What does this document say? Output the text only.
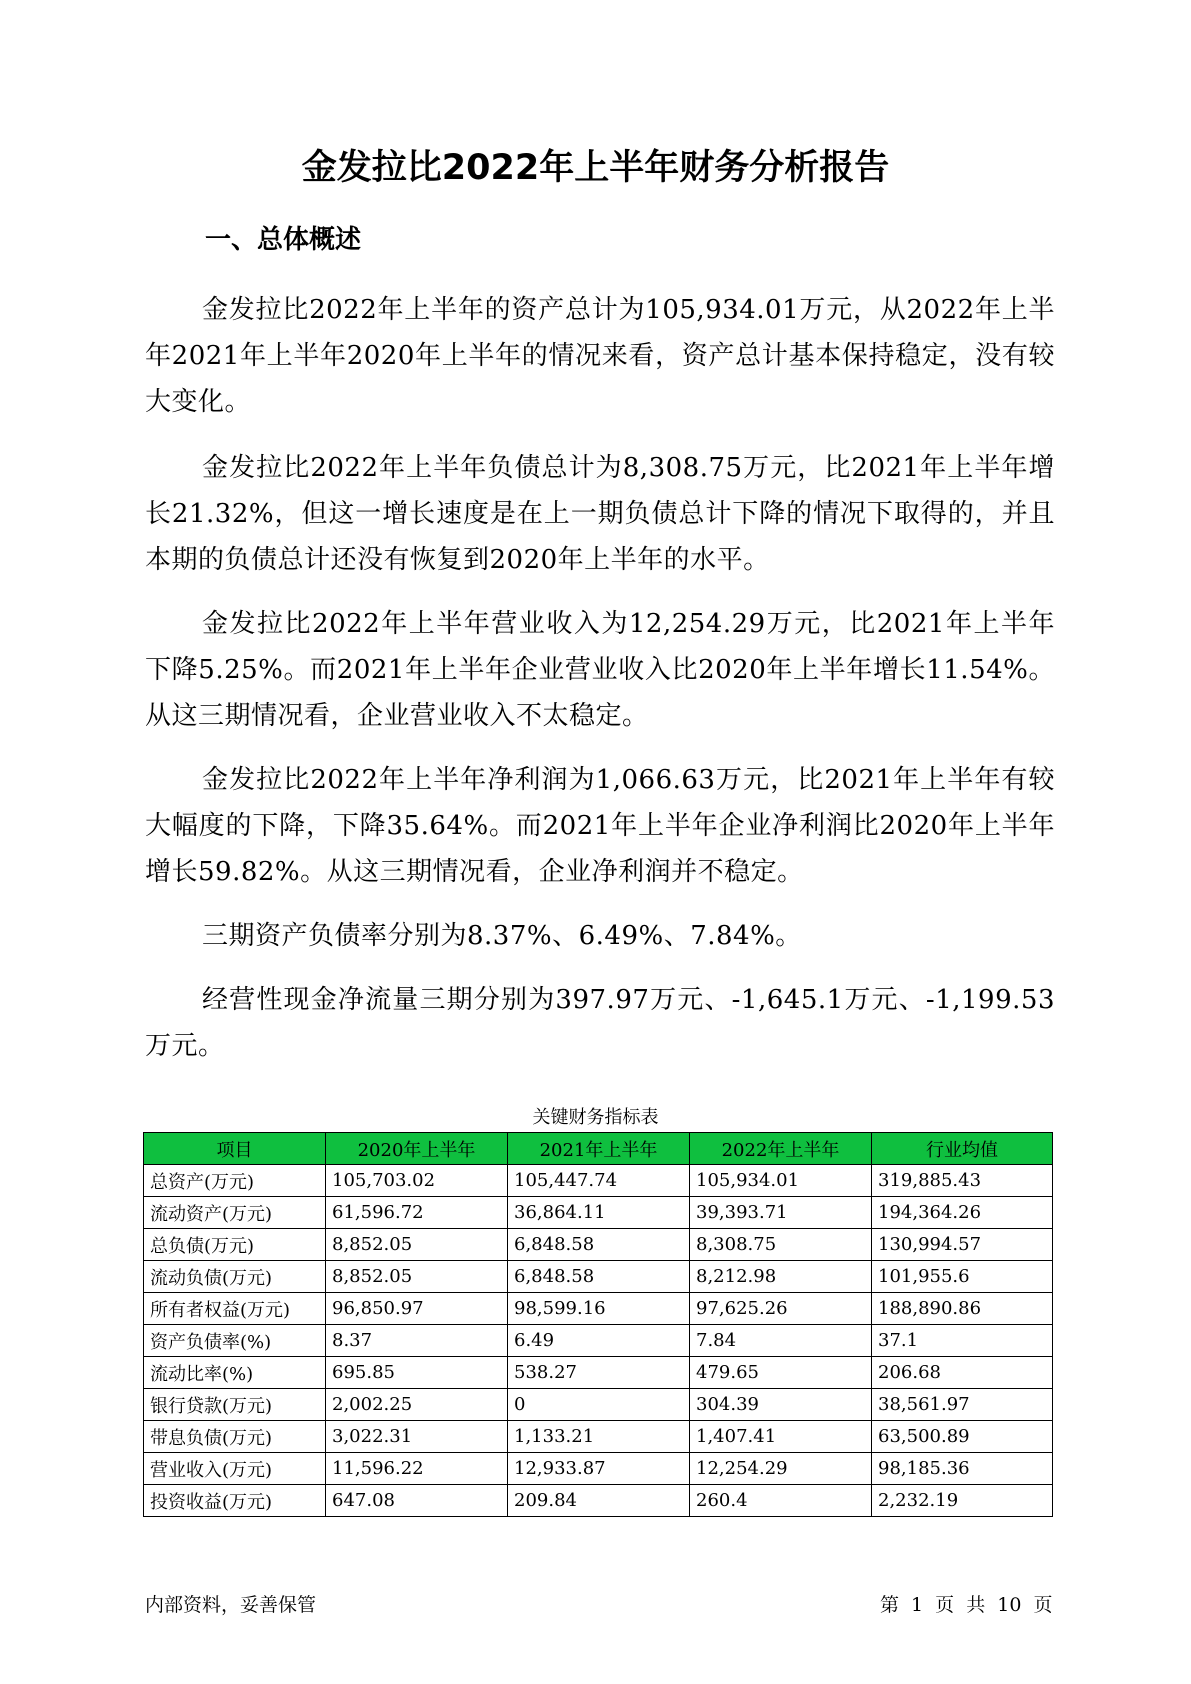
金发拉比2022年上半年财务分析报告
一、总体概述

金发拉比2022年上半年的资产总计为105,934.01万元，从2022年上半年2021年上半年2020年上半年的情况来看，资产总计基本保持稳定，没有较大变化。

金发拉比2022年上半年负债总计为8,308.75万元，比2021年上半年增长21.32%，但这一增长速度是在上一期负债总计下降的情况下取得的，并且本期的负债总计还没有恢复到2020年上半年的水平。

金发拉比2022年上半年营业收入为12,254.29万元，比2021年上半年下降5.25%。而2021年上半年企业营业收入比2020年上半年增长11.54%。从这三期情况看，企业营业收入不太稳定。

金发拉比2022年上半年净利润为1,066.63万元，比2021年上半年有较大幅度的下降，下降35.64%。而2021年上半年企业净利润比2020年上半年增长59.82%。从这三期情况看，企业净利润并不稳定。

三期资产负债率分别为8.37%、6.49%、7.84%。

经营性现金净流量三期分别为397.97万元、-1,645.1万元、-1,199.53万元。

关键财务指标表
项目	2020年上半年	2021年上半年	2022年上半年	行业均值
总资产(万元)	105,703.02	105,447.74	105,934.01	319,885.43
流动资产(万元)	61,596.72	36,864.11	39,393.71	194,364.26
总负债(万元)	8,852.05	6,848.58	8,308.75	130,994.57
流动负债(万元)	8,852.05	6,848.58	8,212.98	101,955.6
所有者权益(万元)	96,850.97	98,599.16	97,625.26	188,890.86
资产负债率(%)	8.37	6.49	7.84	37.1
流动比率(%)	695.85	538.27	479.65	206.68
银行贷款(万元)	2,002.25	0	304.39	38,561.97
带息负债(万元)	3,022.31	1,133.21	1,407.41	63,500.89
营业收入(万元)	11,596.22	12,933.87	12,254.29	98,185.36
投资收益(万元)	647.08	209.84	260.4	2,232.19
内部资料，妥善保管	第 1 页 共 10 页
